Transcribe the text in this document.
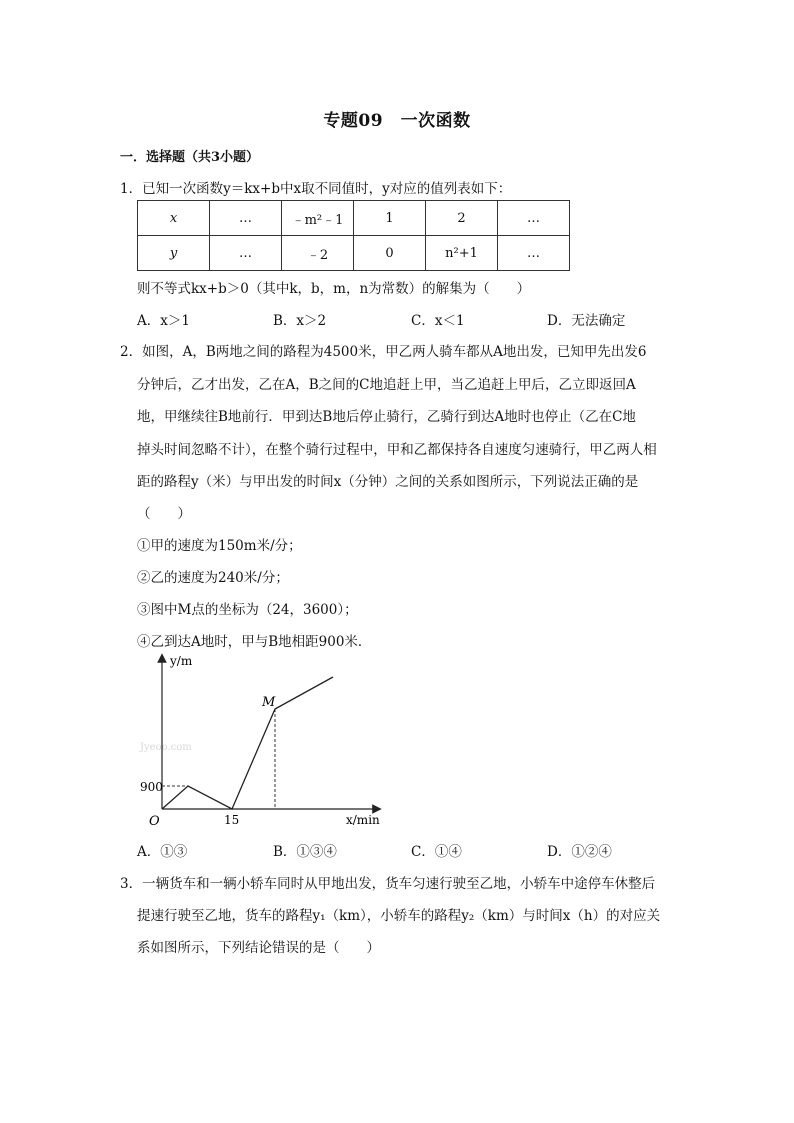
专题09　一次函数
一．选择题（共3小题）
1．已知一次函数y＝kx+b中x取不同值时，y对应的值列表如下：
x	…	﹣m²﹣1	1	2	…
y	…	﹣2	0	n²+1	…
则不等式kx+b＞0（其中k，b，m，n为常数）的解集为（　　）
A．x＞1	B．x＞2	C．x＜1	D．无法确定
2．如图，A，B两地之间的路程为4500米，甲乙两人骑车都从A地出发，已知甲先出发6
分钟后，乙才出发，乙在A，B之间的C地追赶上甲，当乙追赶上甲后，乙立即返回A
地，甲继续往B地前行．甲到达B地后停止骑行，乙骑行到达A地时也停止（乙在C地
掉头时间忽略不计），在整个骑行过程中，甲和乙都保持各自速度匀速骑行，甲乙两人相
距的路程y（米）与甲出发的时间x（分钟）之间的关系如图所示，下列说法正确的是
（　　）
①甲的速度为150m米/分；
②乙的速度为240米/分；
③图中M点的坐标为（24，3600）；
④乙到达A地时，甲与B地相距900米．
Jyeoo.com
y/m
x/min
O
900
15
M
A．①③	B．①③④	C．①④	D．①②④
3．一辆货车和一辆小轿车同时从甲地出发，货车匀速行驶至乙地，小轿车中途停车休整后
提速行驶至乙地，货车的路程y₁（km），小轿车的路程y₂（km）与时间x（h）的对应关
系如图所示，下列结论错误的是（　　）
